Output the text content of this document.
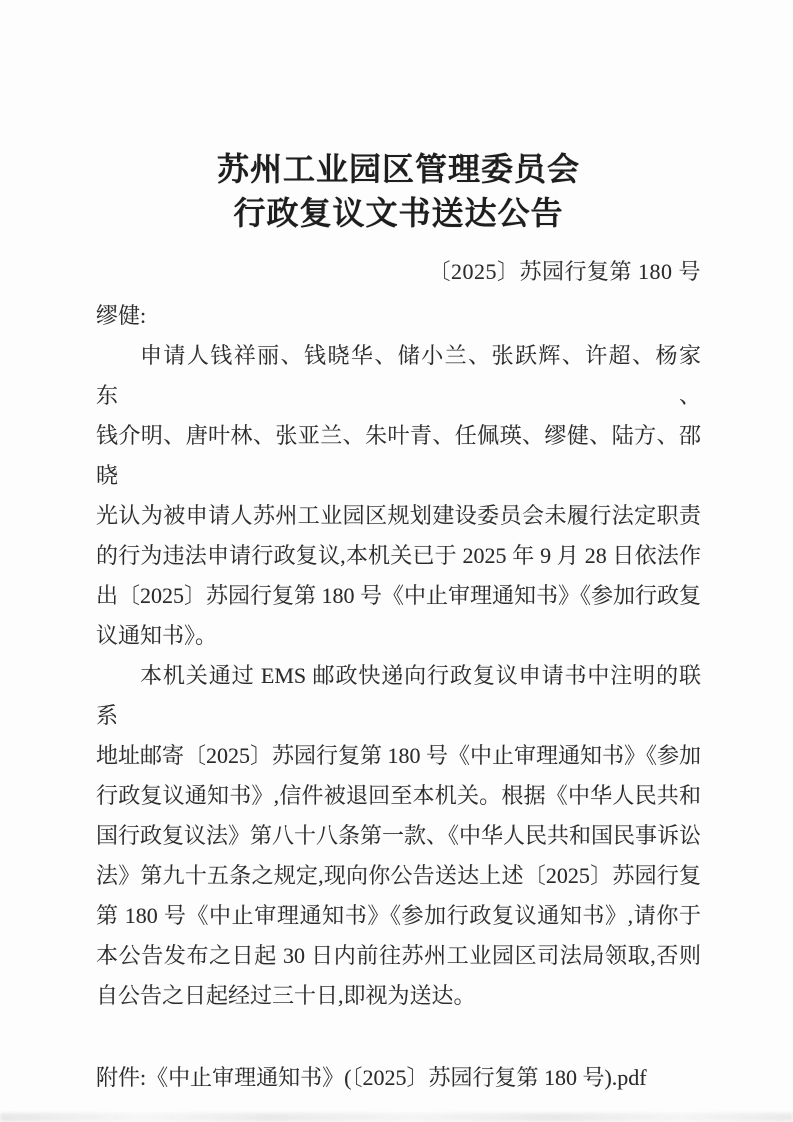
苏州工业园区管理委员会
行政复议文书送达公告
〔2025〕苏园行复第 180 号
缪健:
申请人钱祥丽、钱晓华、储小兰、张跃辉、许超、杨家东、
钱介明、唐叶林、张亚兰、朱叶青、任佩瑛、缪健、陆方、邵晓
光认为被申请人苏州工业园区规划建设委员会未履行法定职责
的行为违法申请行政复议,本机关已于 2025 年 9 月 28 日依法作
出〔2025〕苏园行复第 180 号《中止审理通知书》《参加行政复
议通知书》。
本机关通过 EMS 邮政快递向行政复议申请书中注明的联系
地址邮寄〔2025〕苏园行复第 180 号《中止审理通知书》《参加
行政复议通知书》,信件被退回至本机关。根据《中华人民共和
国行政复议法》第八十八条第一款、《中华人民共和国民事诉讼
法》第九十五条之规定,现向你公告送达上述〔2025〕苏园行复
第 180 号《中止审理通知书》《参加行政复议通知书》,请你于
本公告发布之日起 30 日内前往苏州工业园区司法局领取,否则
自公告之日起经过三十日,即视为送达。
附件:《中止审理通知书》(〔2025〕苏园行复第 180 号).pdf
